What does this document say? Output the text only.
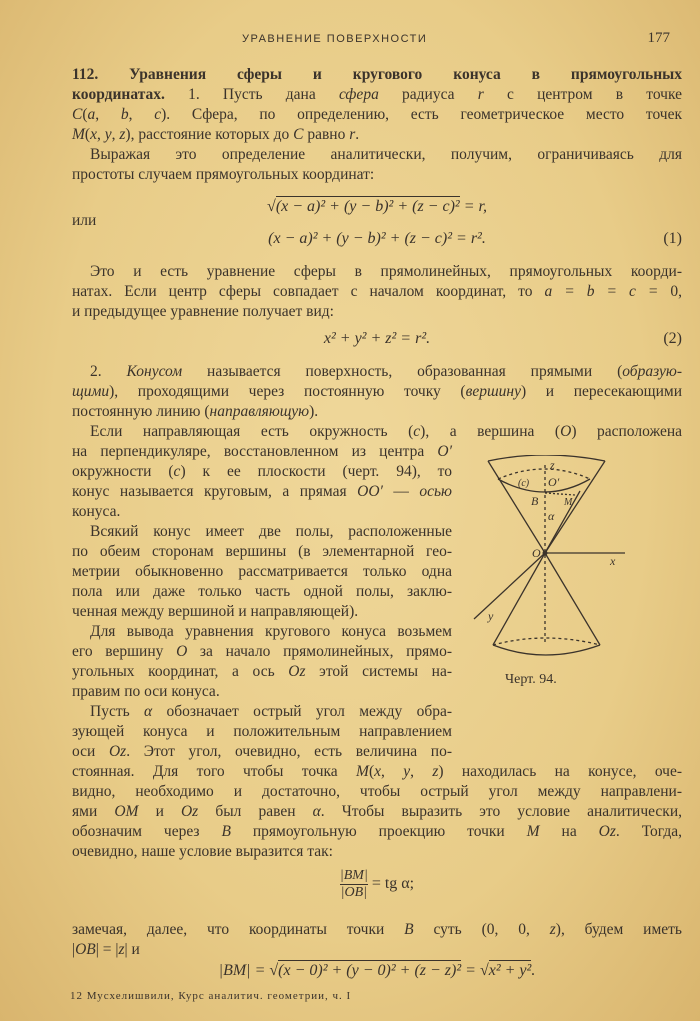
УРАВНЕНИЕ ПОВЕРХНОСТИ	177
112. Уравнения сферы и кругового конуса в прямоугольных
координатах. 1. Пусть дана сфера радиуса r с центром в точке
C(a, b, c). Сфера, по определению, есть геометрическое место точек
M(x, y, z), расстояние которых до C равно r.
Выражая это определение аналитически, получим, ограничиваясь для
простоты случаем прямоугольных координат:
√(x − a)² + (y − b)² + (z − c)² = r,
или
(x − a)² + (y − b)² + (z − c)² = r².	(1)
Это и есть уравнение сферы в прямолинейных, прямоугольных коорди-
натах. Если центр сферы совпадает с началом координат, то a = b = c = 0,
и предыдущее уравнение получает вид:
x² + y² + z² = r².	(2)
2. Конусом называется поверхность, образованная прямыми (образую-
щими), проходящими через постоянную точку (вершину) и пересекающими
постоянную линию (направляющую).
Если направляющая есть окружность (c), а вершина (O) расположена
на перпендикуляре, восстановленном из центра O′
окружности (c) к ее плоскости (черт. 94), то
конус называется круговым, а прямая OO′ — осью
конуса.
Всякий конус имеет две полы, расположенные
по обеим сторонам вершины (в элементарной гео-
метрии обыкновенно рассматривается только одна
пола или даже только часть одной полы, заклю-
ченная между вершиной и направляющей).
Для вывода уравнения кругового конуса возьмем
его вершину O за начало прямолинейных, прямо-
угольных координат, а ось Oz этой системы на-
правим по оси конуса.
Пусть α обозначает острый угол между обра-
зующей конуса и положительным направлением
оси Oz. Этот угол, очевидно, есть величина по-
стоянная. Для того чтобы точка M(x, y, z) находилась на конусе, оче-
видно, необходимо и достаточно, чтобы острый угол между направлени-
ями OM и Oz был равен α. Чтобы выразить это условие аналитически,
обозначим через B прямоугольную проекцию точки M на Oz. Тогда,
очевидно, наше условие выразится так:
$\frac{|BM|}{|OB|}$ = tg α;
замечая, далее, что координаты точки B суть (0, 0, z), будем иметь
|OB| = |z| и
|BM| = √(x − 0)² + (y − 0)² + (z − z)² = √x² + y².
z
(c) O′
B	M
α
O
x
y
Черт. 94.
12 Мусхелишвили, Курс аналитич. геометрии, ч. I
